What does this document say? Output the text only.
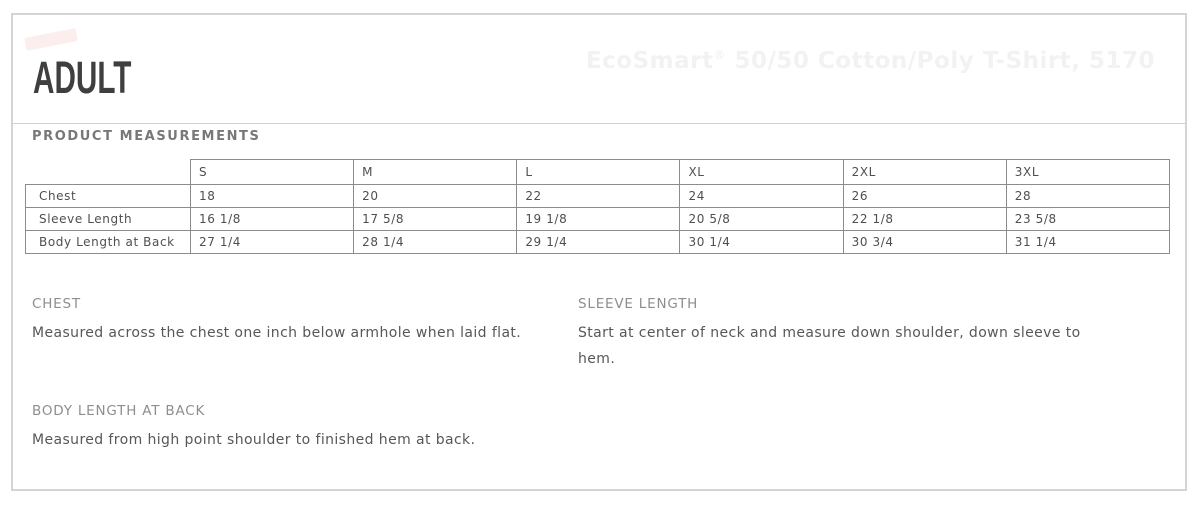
ADULT	EcoSmart® 50/50 Cotton/Poly T-Shirt, 5170
PRODUCT MEASUREMENTS
	S	M	L	XL	2XL	3XL
Chest	18	20	22	24	26	28
Sleeve Length	16 1/8	17 5/8	19 1/8	20 5/8	22 1/8	23 5/8
Body Length at Back	27 1/4	28 1/4	29 1/4	30 1/4	30 3/4	31 1/4
CHEST
Measured across the chest one inch below armhole when laid flat.
SLEEVE LENGTH
Start at center of neck and measure down shoulder, down sleeve to hem.
BODY LENGTH AT BACK
Measured from high point shoulder to finished hem at back.
